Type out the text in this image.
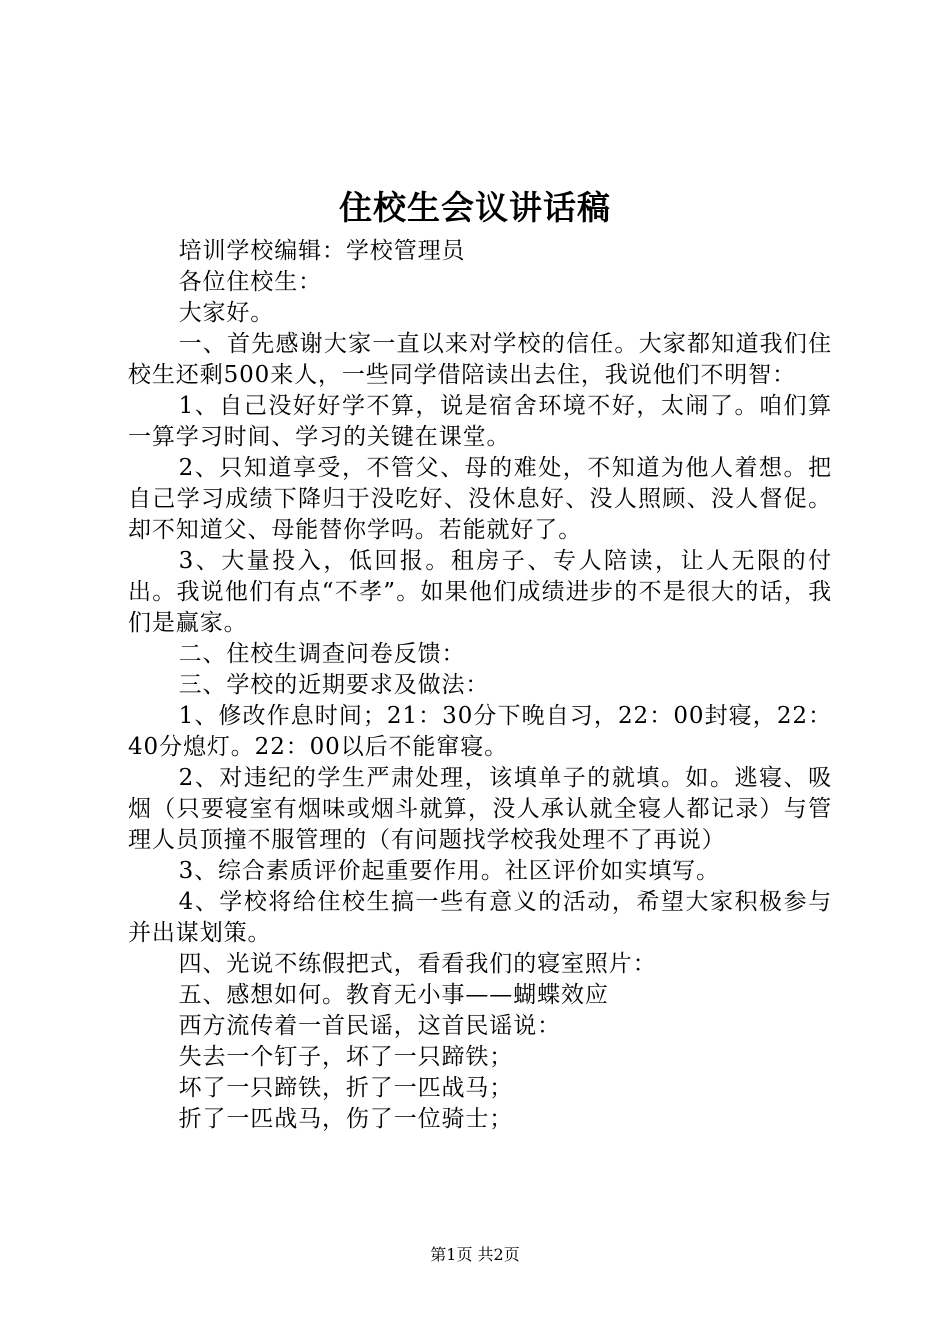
住校生会议讲话稿

培训学校编辑：学校管理员

各位住校生：

大家好。

一、首先感谢大家一直以来对学校的信任。大家都知道我们住校生还剩500来人，一些同学借陪读出去住，我说他们不明智：

1、自己没好好学不算，说是宿舍环境不好，太闹了。咱们算一算学习时间、学习的关键在课堂。

2、只知道享受，不管父、母的难处，不知道为他人着想。把自己学习成绩下降归于没吃好、没休息好、没人照顾、没人督促。却不知道父、母能替你学吗。若能就好了。

3、大量投入，低回报。租房子、专人陪读，让人无限的付出。我说他们有点“不孝”。如果他们成绩进步的不是很大的话，我们是赢家。

二、住校生调查问卷反馈：

三、学校的近期要求及做法：

1、修改作息时间；21：30分下晚自习，22：00封寝，22：40分熄灯。22：00以后不能窜寝。

2、对违纪的学生严肃处理，该填单子的就填。如。逃寝、吸烟（只要寝室有烟味或烟斗就算，没人承认就全寝人都记录）与管理人员顶撞不服管理的（有问题找学校我处理不了再说）

3、综合素质评价起重要作用。社区评价如实填写。

4、学校将给住校生搞一些有意义的活动，希望大家积极参与并出谋划策。

四、光说不练假把式，看看我们的寝室照片：

五、感想如何。教育无小事——蝴蝶效应

西方流传着一首民谣，这首民谣说：

失去一个钉子，坏了一只蹄铁；

坏了一只蹄铁，折了一匹战马；

折了一匹战马，伤了一位骑士；

第1页 共2页
